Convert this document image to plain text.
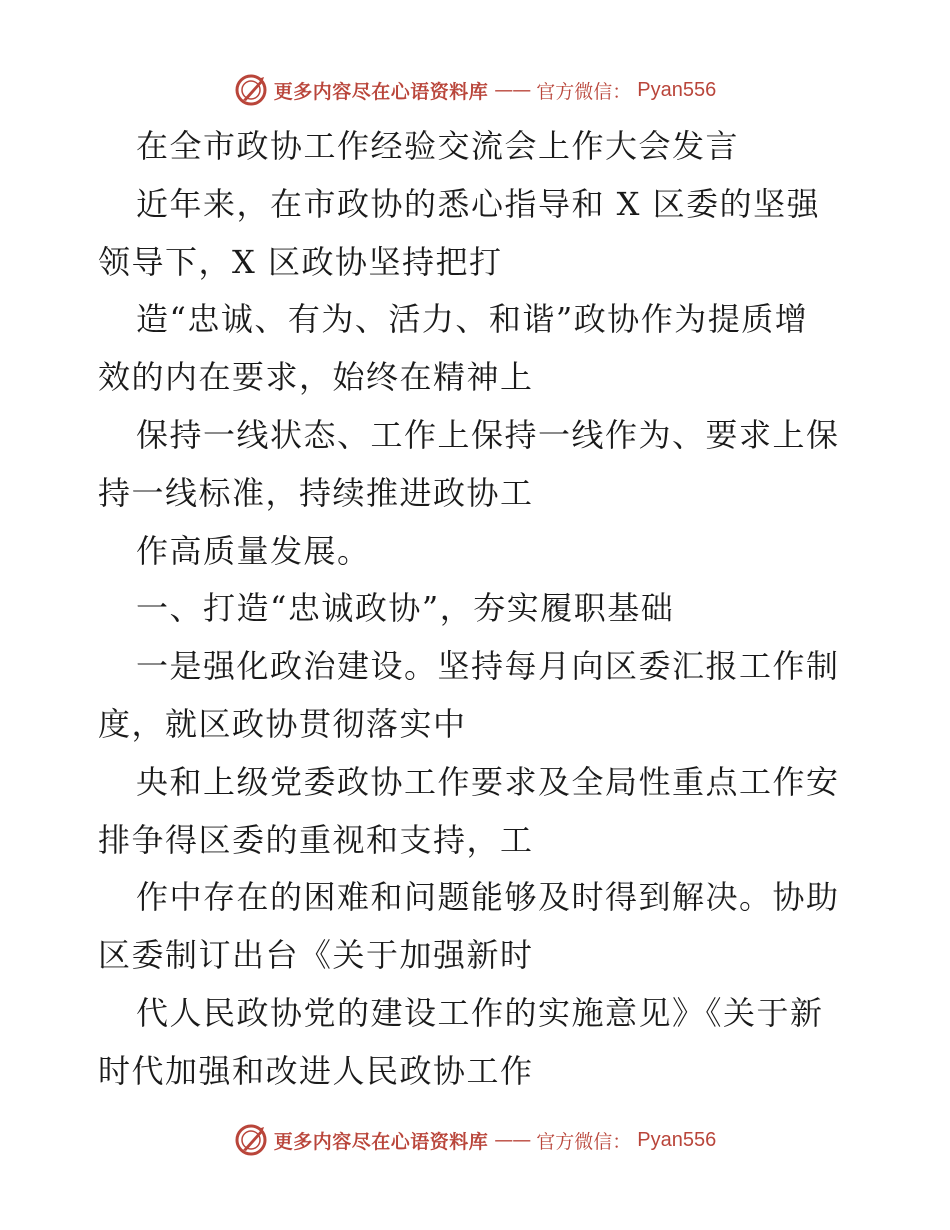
更多内容尽在心语资料库 —— 官方微信： Pyan556
在全市政协工作经验交流会上作大会发言
近年来，在市政协的悉心指导和 X 区委的坚强
领导下，X 区政协坚持把打
造“忠诚、有为、活力、和谐”政协作为提质增
效的内在要求，始终在精神上
保持一线状态、工作上保持一线作为、要求上保
持一线标准，持续推进政协工
作高质量发展。
一、打造“忠诚政协”，夯实履职基础
一是强化政治建设。坚持每月向区委汇报工作制
度，就区政协贯彻落实中
央和上级党委政协工作要求及全局性重点工作安
排争得区委的重视和支持，工
作中存在的困难和问题能够及时得到解决。协助
区委制订出台《关于加强新时
代人民政协党的建设工作的实施意见》《关于新
时代加强和改进人民政协工作
更多内容尽在心语资料库 —— 官方微信： Pyan556
